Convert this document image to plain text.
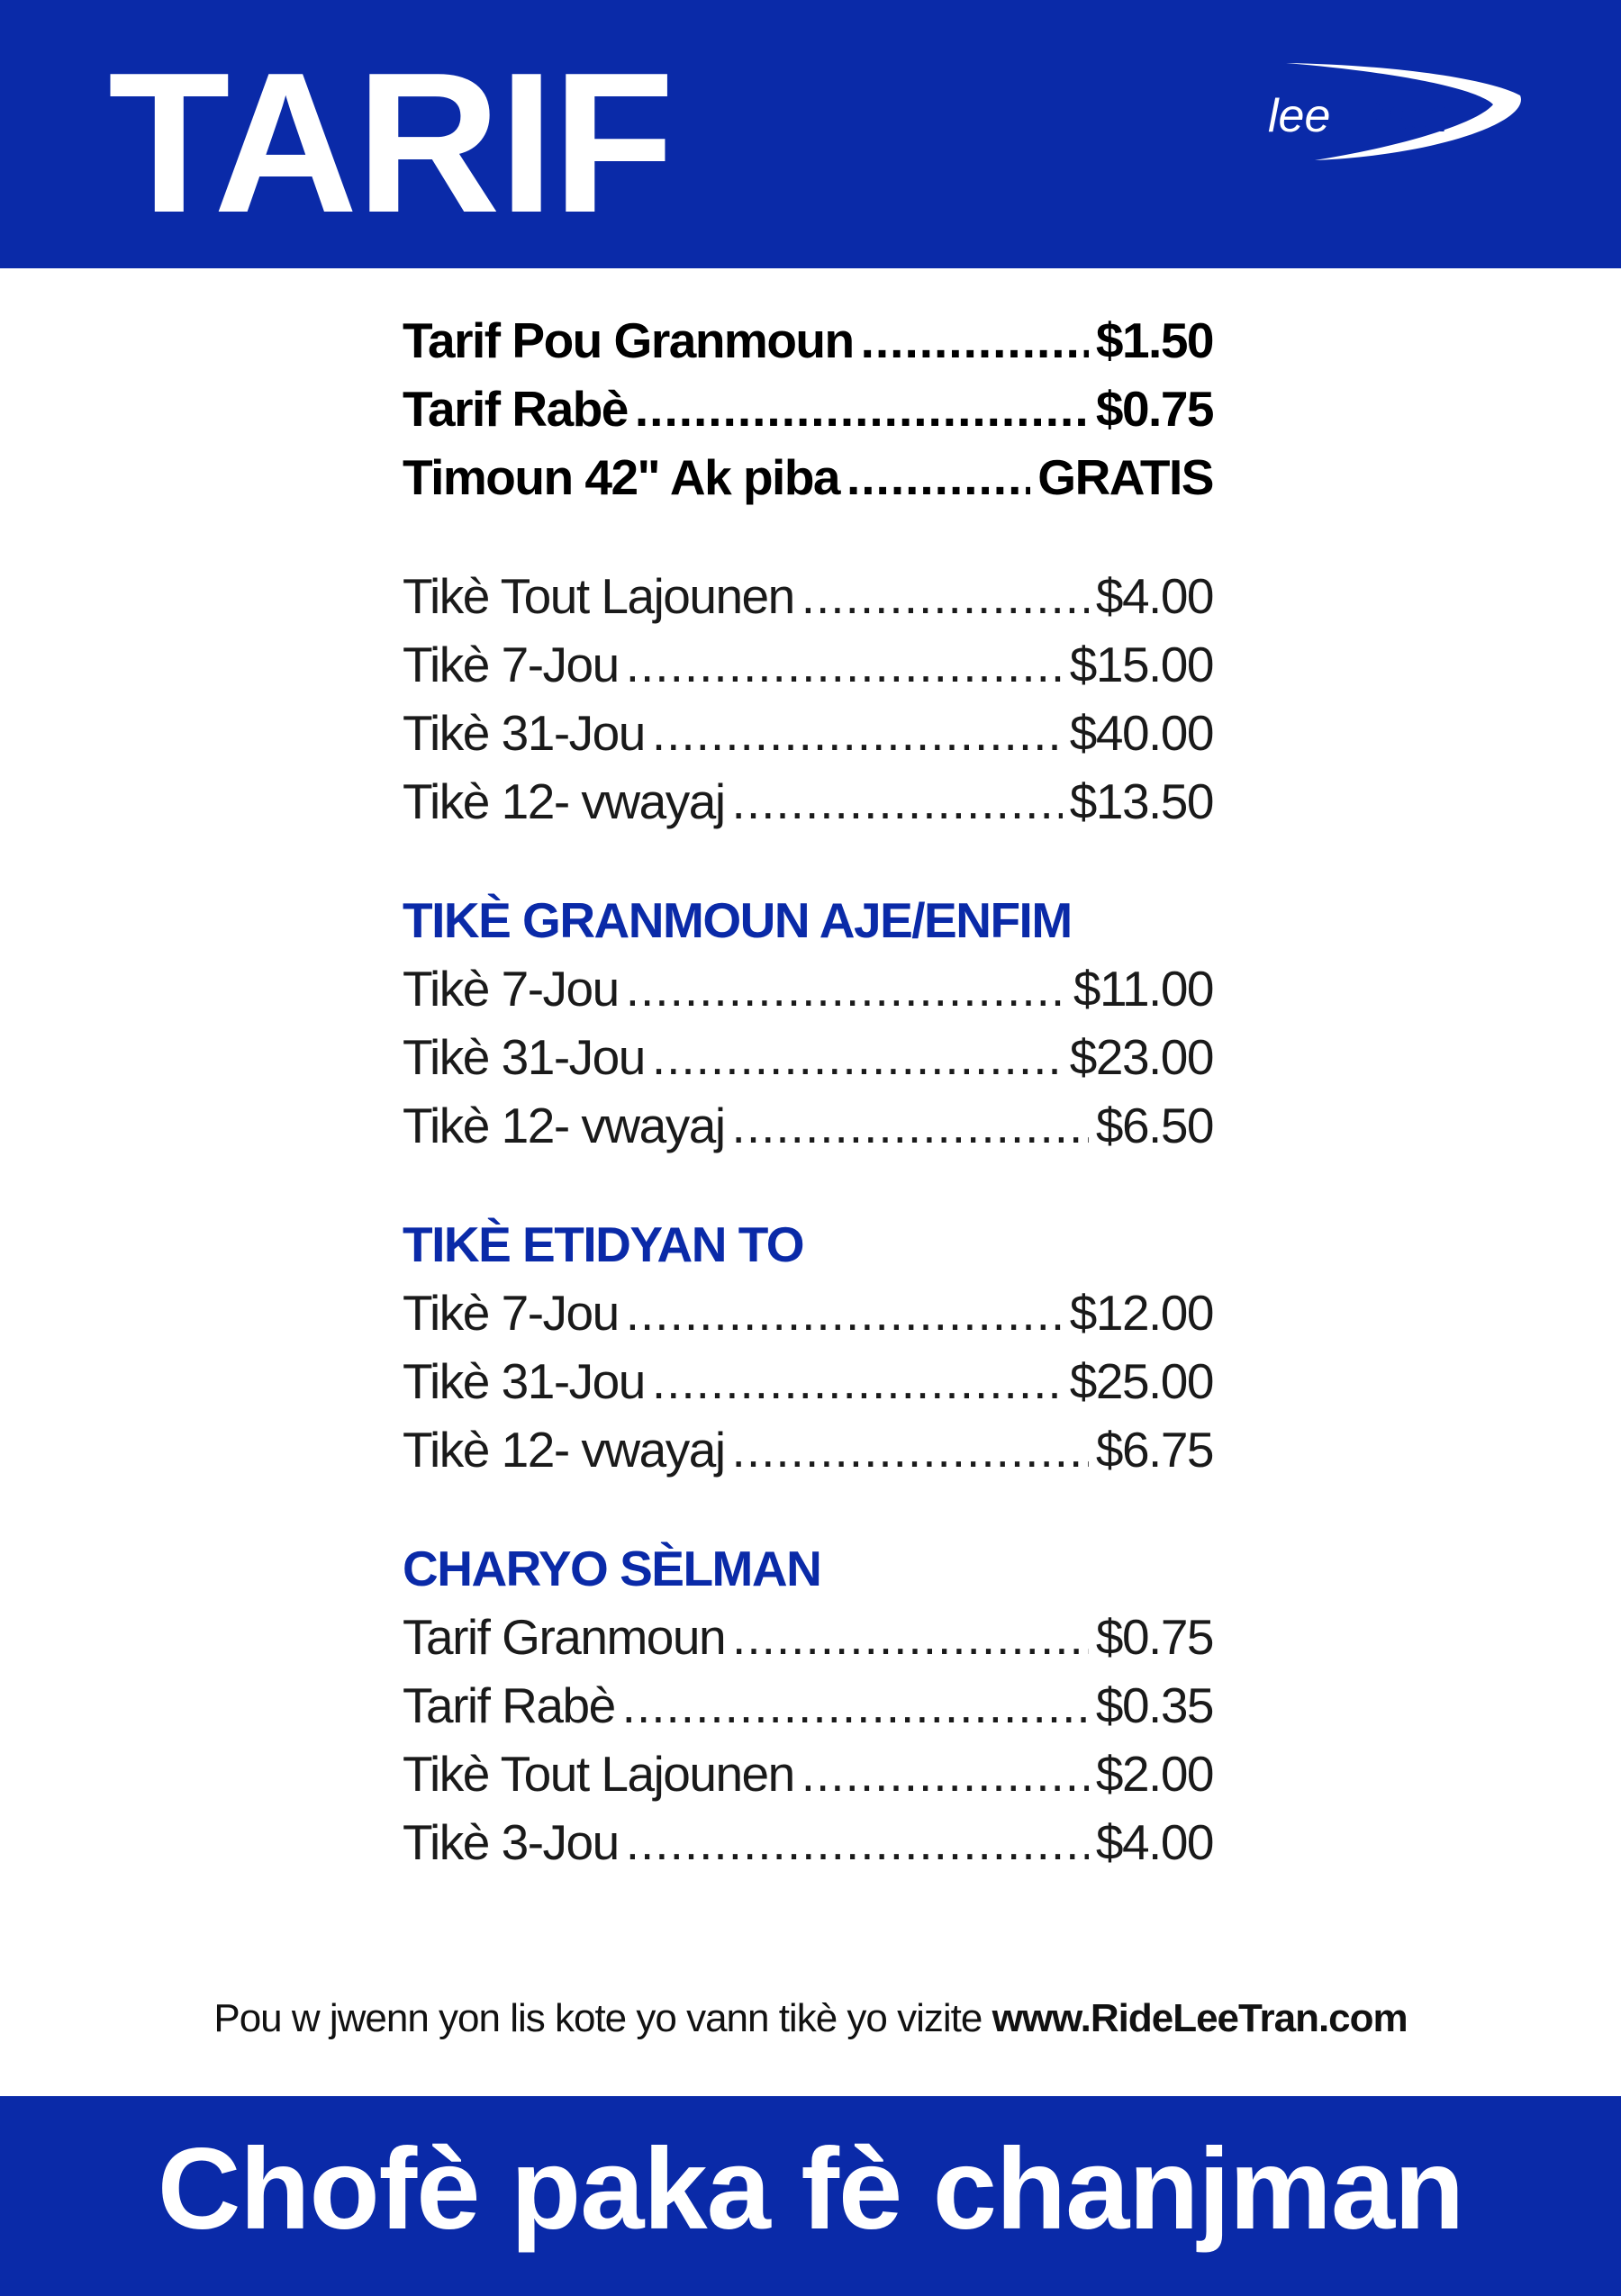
TARIF	lee tran
Tarif Pou Granmoun .....	$1.50
Tarif Rabè .....	$0.75
Timoun 42" Ak piba .....	GRATIS
Tikè Tout Lajounen .....	$4.00
Tikè 7-Jou .....	$15.00
Tikè 31-Jou .....	$40.00
Tikè 12- vwayaj .....	$13.50
TIKÈ GRANMOUN AJE/ENFIM
Tikè 7-Jou .....	$11.00
Tikè 31-Jou .....	$23.00
Tikè 12- vwayaj .....	$6.50
TIKÈ ETIDYAN TO
Tikè 7-Jou .....	$12.00
Tikè 31-Jou .....	$25.00
Tikè 12- vwayaj .....	$6.75
CHARYO SÈLMAN
Tarif Granmoun .....	$0.75
Tarif Rabè .....	$0.35
Tikè Tout Lajounen .....	$2.00
Tikè 3-Jou .....	$4.00
Pou w jwenn yon lis kote yo vann tikè yo vizite www.RideLeeTran.com
Chofè paka fè chanjman
